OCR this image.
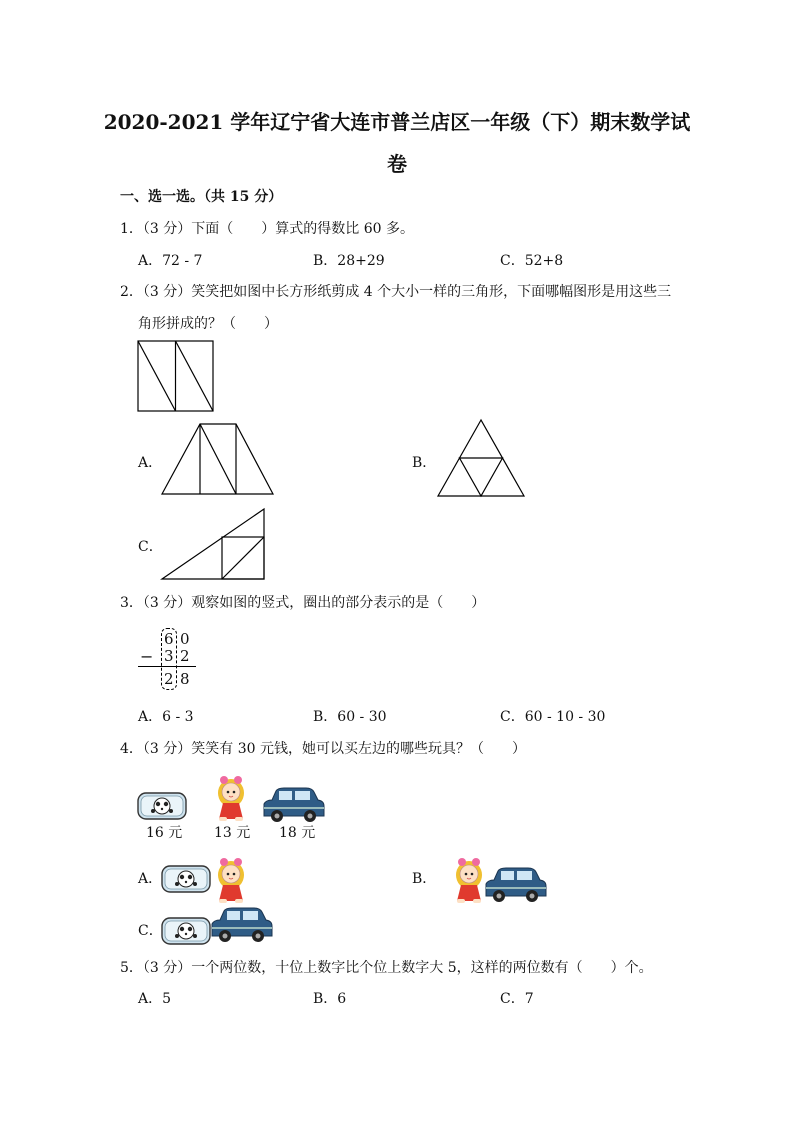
2020-2021 学年辽宁省大连市普兰店区一年级（下）期末数学试
卷
一、选一选。（共 15 分）
1．（3 分）下面（　　）算式的得数比 60 多。
A．72 - 7	B．28+29	C．52+8
2．（3 分）笑笑把如图中长方形纸剪成 4 个大小一样的三角形，下面哪幅图形是用这些三
角形拼成的？（　　）
A．	B．
C．
3．（3 分）观察如图的竖式，圈出的部分表示的是（　　）
6 0
− 3 2
2 8
A．6 - 3	B．60 - 30	C．60 - 10 - 30
4．（3 分）笑笑有 30 元钱，她可以买左边的哪些玩具？（　　）
16 元 13 元 18 元
A．	B．
C．
5．（3 分）一个两位数，十位上数字比个位上数字大 5，这样的两位数有（　　）个。
A．5	B．6	C．7
